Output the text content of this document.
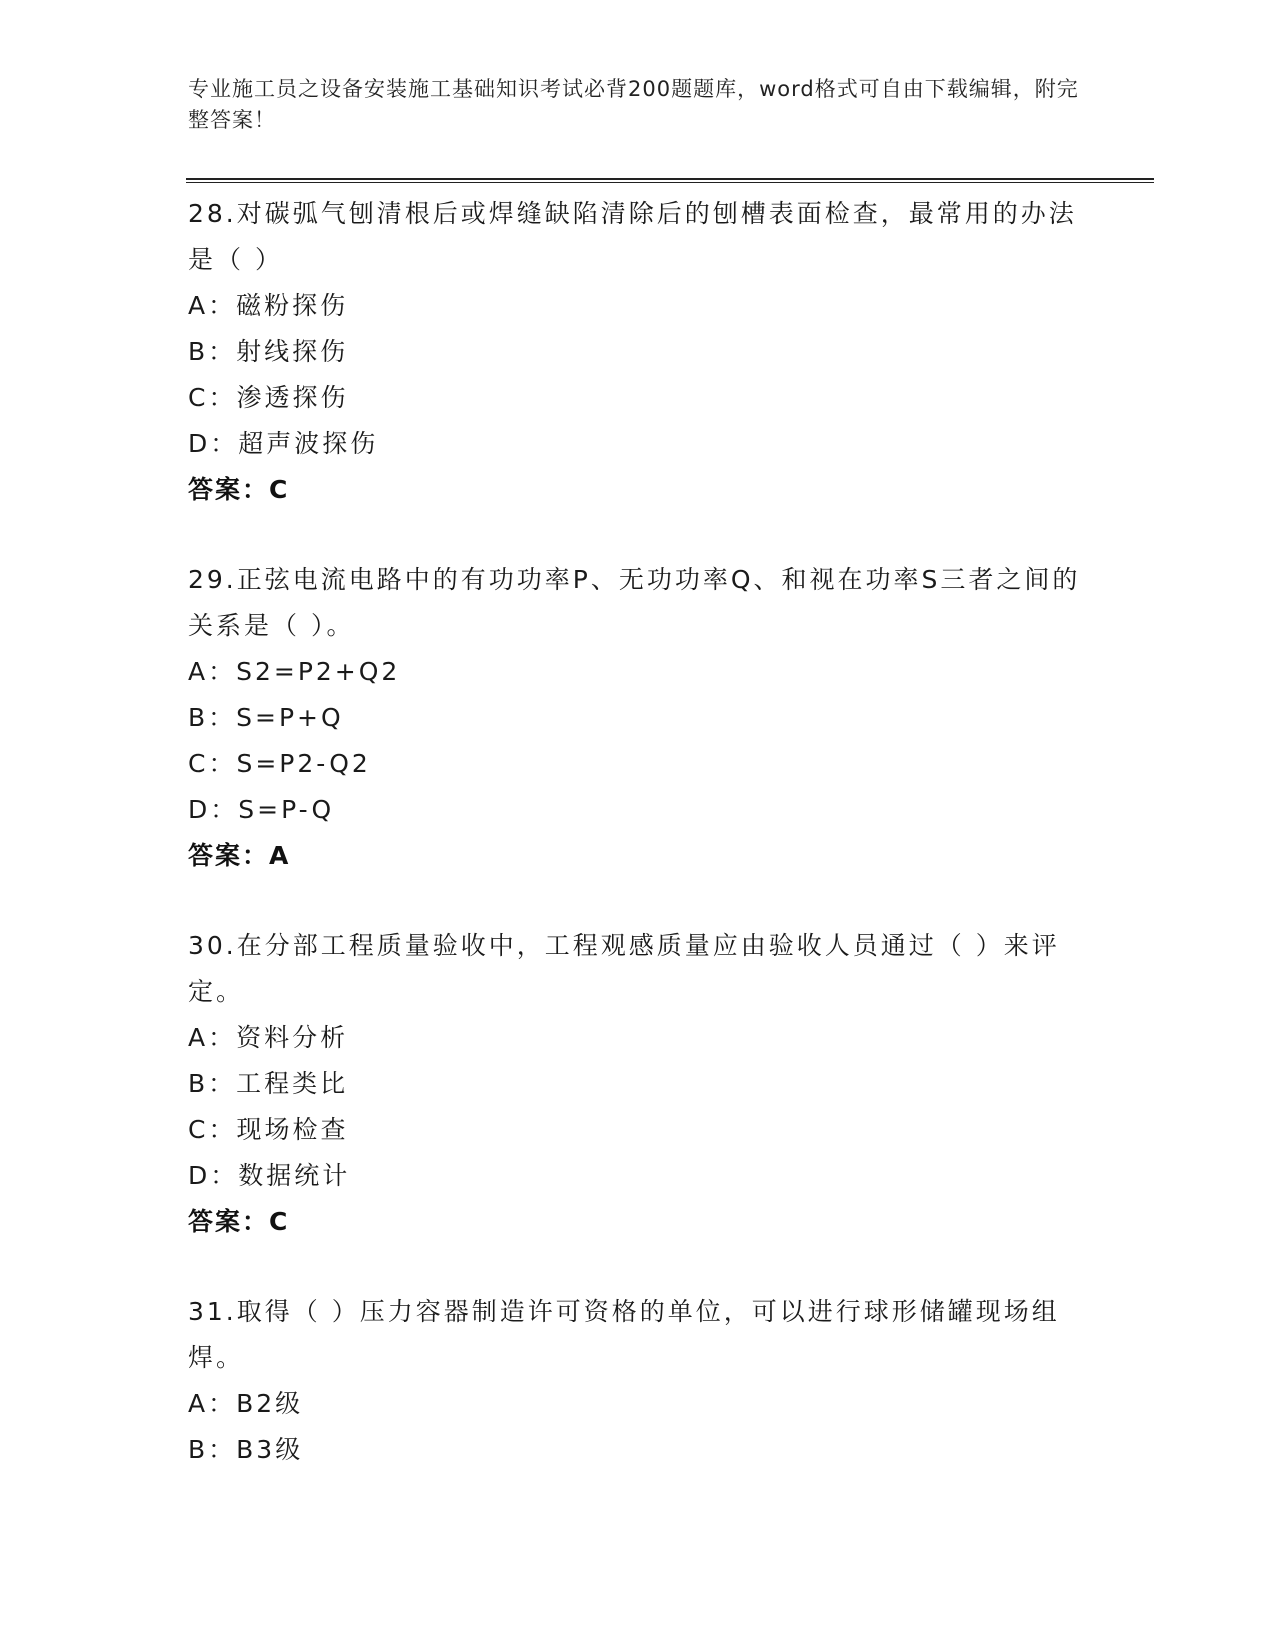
专业施工员之设备安装施工基础知识考试必背200题题库，word格式可自由下载编辑，附完整答案！
28.对碳弧气刨清根后或焊缝缺陷清除后的刨槽表面检查，最常用的办法是（ ）
A：磁粉探伤
B：射线探伤
C：渗透探伤
D：超声波探伤
答案：C
29.正弦电流电路中的有功功率P、无功功率Q、和视在功率S三者之间的关系是（ ）。
A：S2=P2+Q2
B：S=P+Q
C：S=P2-Q2
D：S=P-Q
答案：A
30.在分部工程质量验收中，工程观感质量应由验收人员通过（ ）来评定。
A：资料分析
B：工程类比
C：现场检查
D：数据统计
答案：C
31.取得（ ）压力容器制造许可资格的单位，可以进行球形储罐现场组焊。
A：B2级
B：B3级
